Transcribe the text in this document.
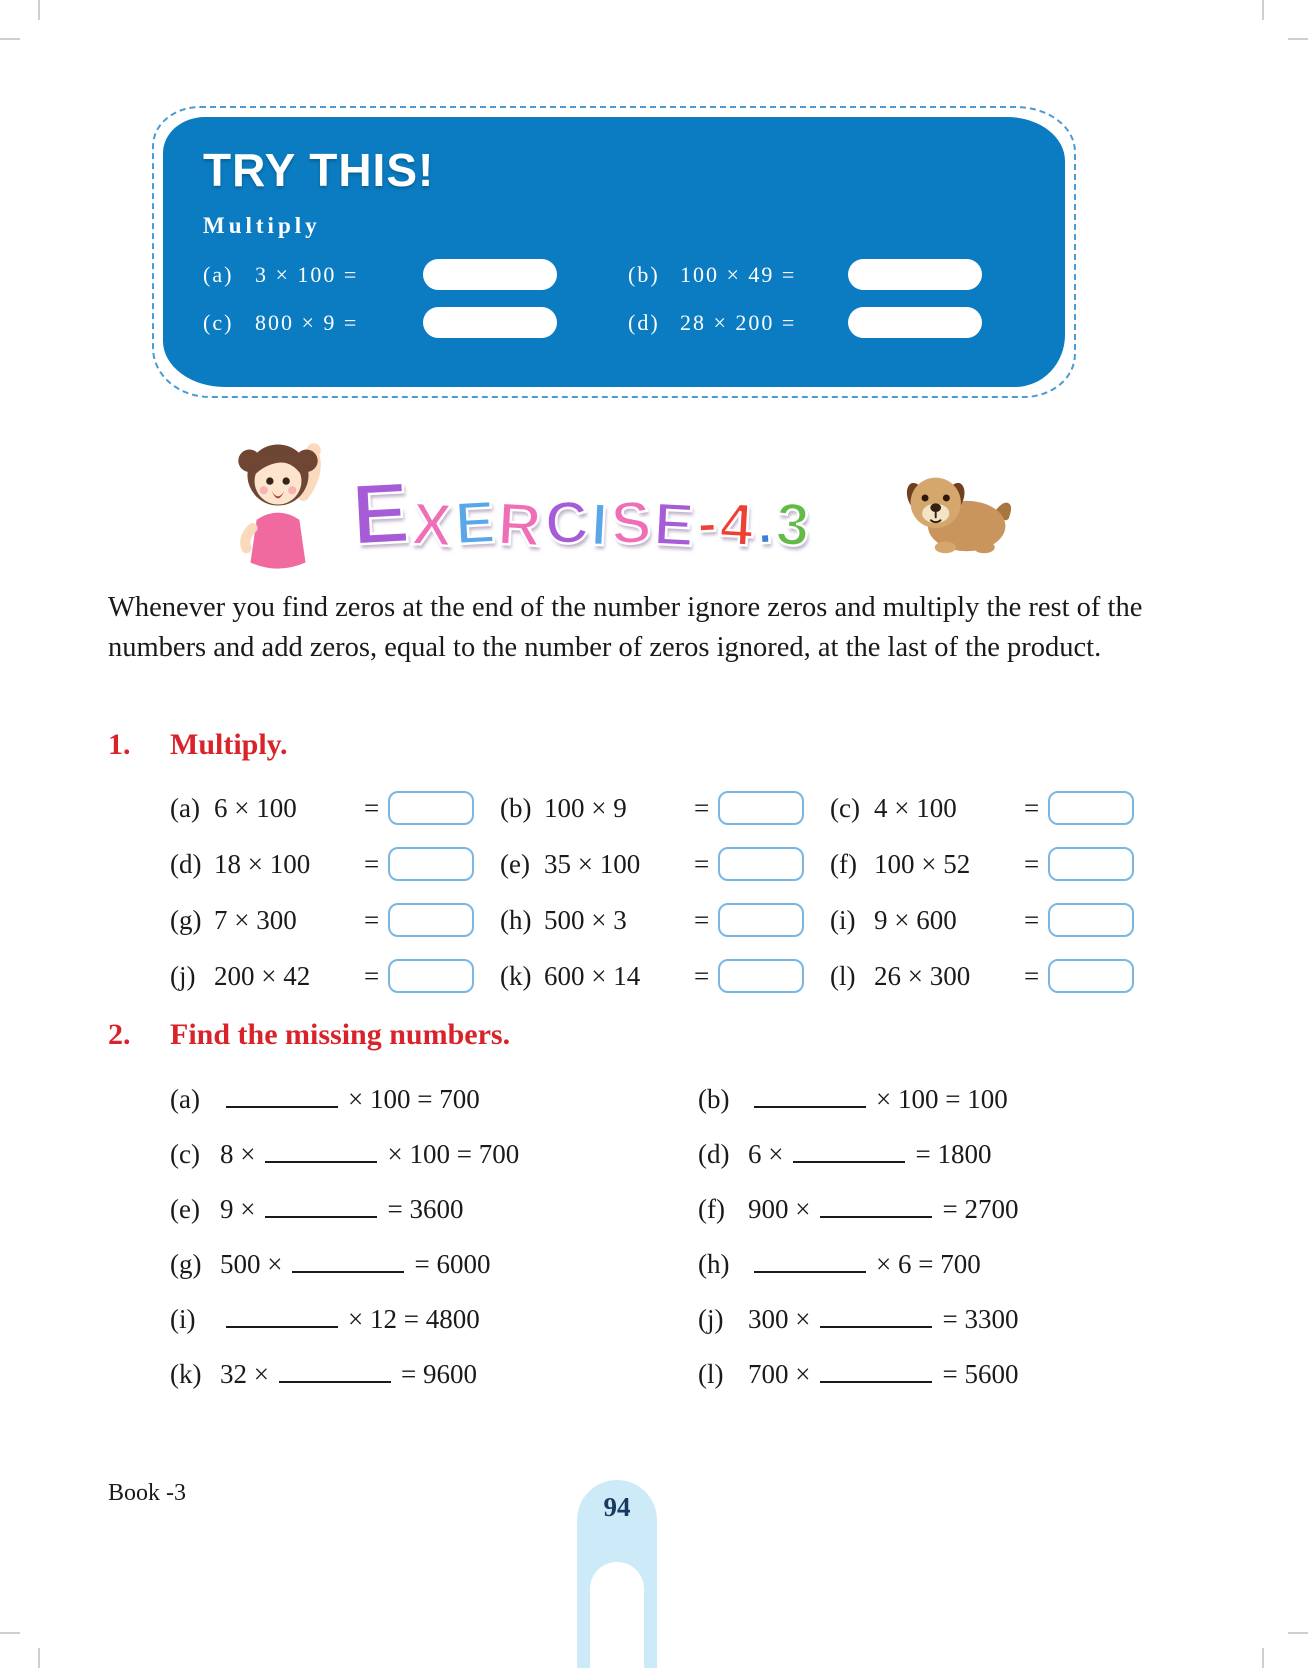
TRY THIS!
Multiply
(a) 3 × 100 =	(b) 100 × 49 =
(c) 800 × 9 =	(d) 28 × 200 =
E
X
E
R
C
I
S
E
-
4
.
3

Whenever you find zeros at the end of the number ignore zeros and multiply the rest of the numbers and add zeros, equal to the number of zeros ignored, at the last of the product.

1.	Multiply.
(a) 6 × 100	=	(b) 100 × 9	=	(c) 4 × 100	=
(d) 18 × 100	=	(e) 35 × 100	=	(f) 100 × 52	=
(g) 7 × 300	=	(h) 500 × 3	=	(i) 9 × 600	=
(j) 200 × 42	=	(k) 600 × 14	=	(l) 26 × 300	=
2.	Find the missing numbers.
(a)	× 100 = 700	(b)	× 100 = 100
(c) 8 ×	× 100 = 700	(d) 6 ×	= 1800
(e) 9 ×	= 3600	(f) 900 ×	= 2700
(g) 500 ×	= 6000	(h)	× 6 = 700
(i)	× 12 = 4800	(j) 300 ×	= 3300
(k) 32 ×	= 9600	(l) 700 ×	= 5600
Book -3	94
